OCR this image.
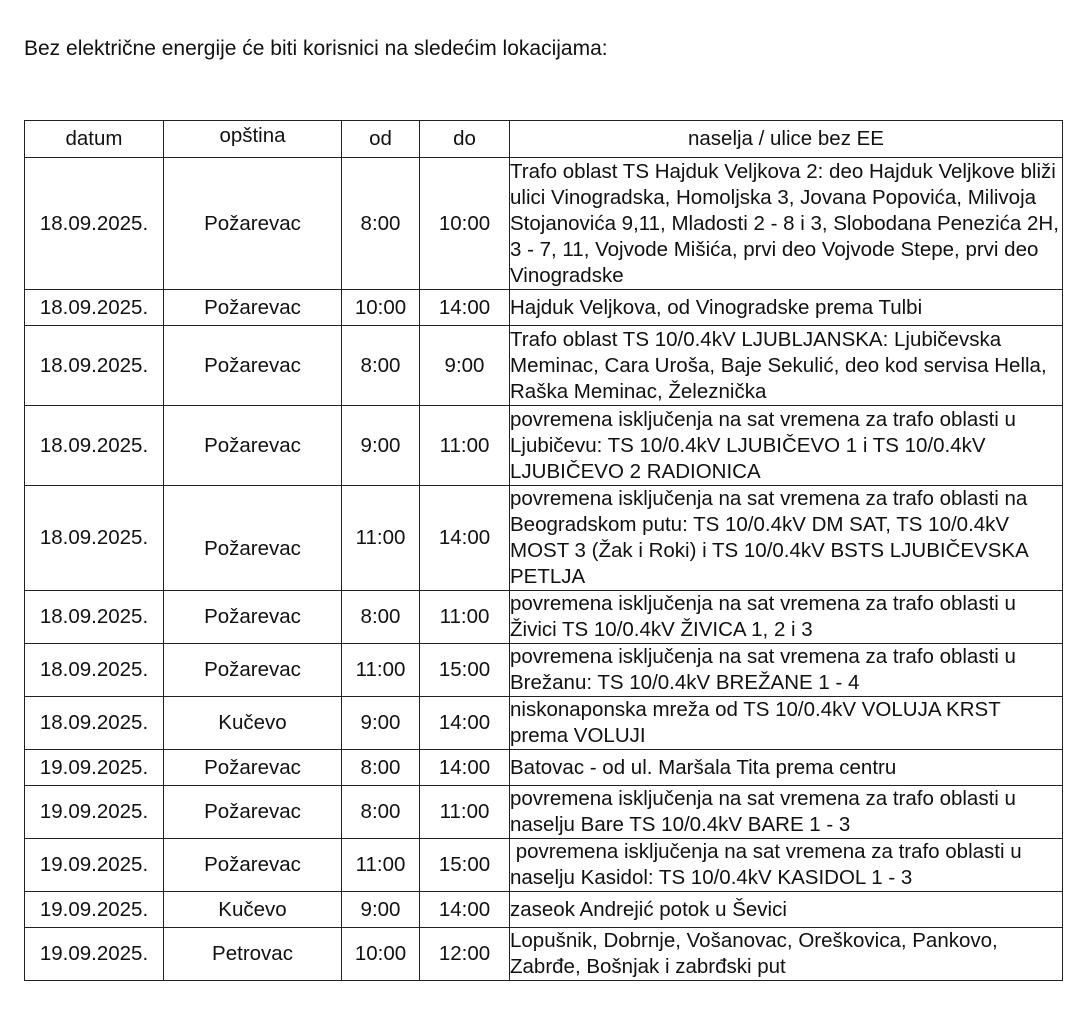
Bez električne energije će biti korisnici na sledećim lokacijama:
datum	opština	od	do	naselja / ulice bez EE
18.09.2025.	Požarevac	8:00	10:00	Trafo oblast TS Hajduk Veljkova 2: deo Hajduk Veljkove bliži ulici Vinogradska, Homoljska 3, Jovana Popovića, Milivoja Stojanovića 9,11, Mladosti 2 - 8 i 3, Slobodana Penezića 2H, 3 - 7, 11, Vojvode Mišića, prvi deo Vojvode Stepe, prvi deo Vinogradske
18.09.2025.	Požarevac	10:00	14:00	Hajduk Veljkova, od Vinogradske prema Tulbi
18.09.2025.	Požarevac	8:00	9:00	Trafo oblast TS 10/0.4kV LJUBLJANSKA: Ljubičevska Meminac, Cara Uroša, Baje Sekulić, deo kod servisa Hella, Raška Meminac, Železnička
18.09.2025.	Požarevac	9:00	11:00	povremena isključenja na sat vremena za trafo oblasti u Ljubičevu: TS 10/0.4kV LJUBIČEVO 1 i TS 10/0.4kV LJUBIČEVO 2 RADIONICA
18.09.2025.	Požarevac	11:00	14:00	povremena isključenja na sat vremena za trafo oblasti na Beogradskom putu: TS 10/0.4kV DM SAT, TS 10/0.4kV MOST 3 (Žak i Roki) i TS 10/0.4kV BSTS LJUBIČEVSKA PETLJA
18.09.2025.	Požarevac	8:00	11:00	povremena isključenja na sat vremena za trafo oblasti u Živici TS 10/0.4kV ŽIVICA 1, 2 i 3
18.09.2025.	Požarevac	11:00	15:00	povremena isključenja na sat vremena za trafo oblasti u Brežanu: TS 10/0.4kV BREŽANE 1 - 4
18.09.2025.	Kučevo	9:00	14:00	niskonaponska mreža od TS 10/0.4kV VOLUJA KRST prema VOLUJI
19.09.2025.	Požarevac	8:00	14:00	Batovac - od ul. Maršala Tita prema centru
19.09.2025.	Požarevac	8:00	11:00	povremena isključenja na sat vremena za trafo oblasti u naselju Bare TS 10/0.4kV BARE 1 - 3
19.09.2025.	Požarevac	11:00	15:00	povremena isključenja na sat vremena za trafo oblasti u naselju Kasidol: TS 10/0.4kV KASIDOL 1 - 3
19.09.2025.	Kučevo	9:00	14:00	zaseok Andrejić potok u Ševici
19.09.2025.	Petrovac	10:00	12:00	Lopušnik, Dobrnje, Vošanovac, Oreškovica, Pankovo, Zabrđe, Bošnjak i zabrđski put
